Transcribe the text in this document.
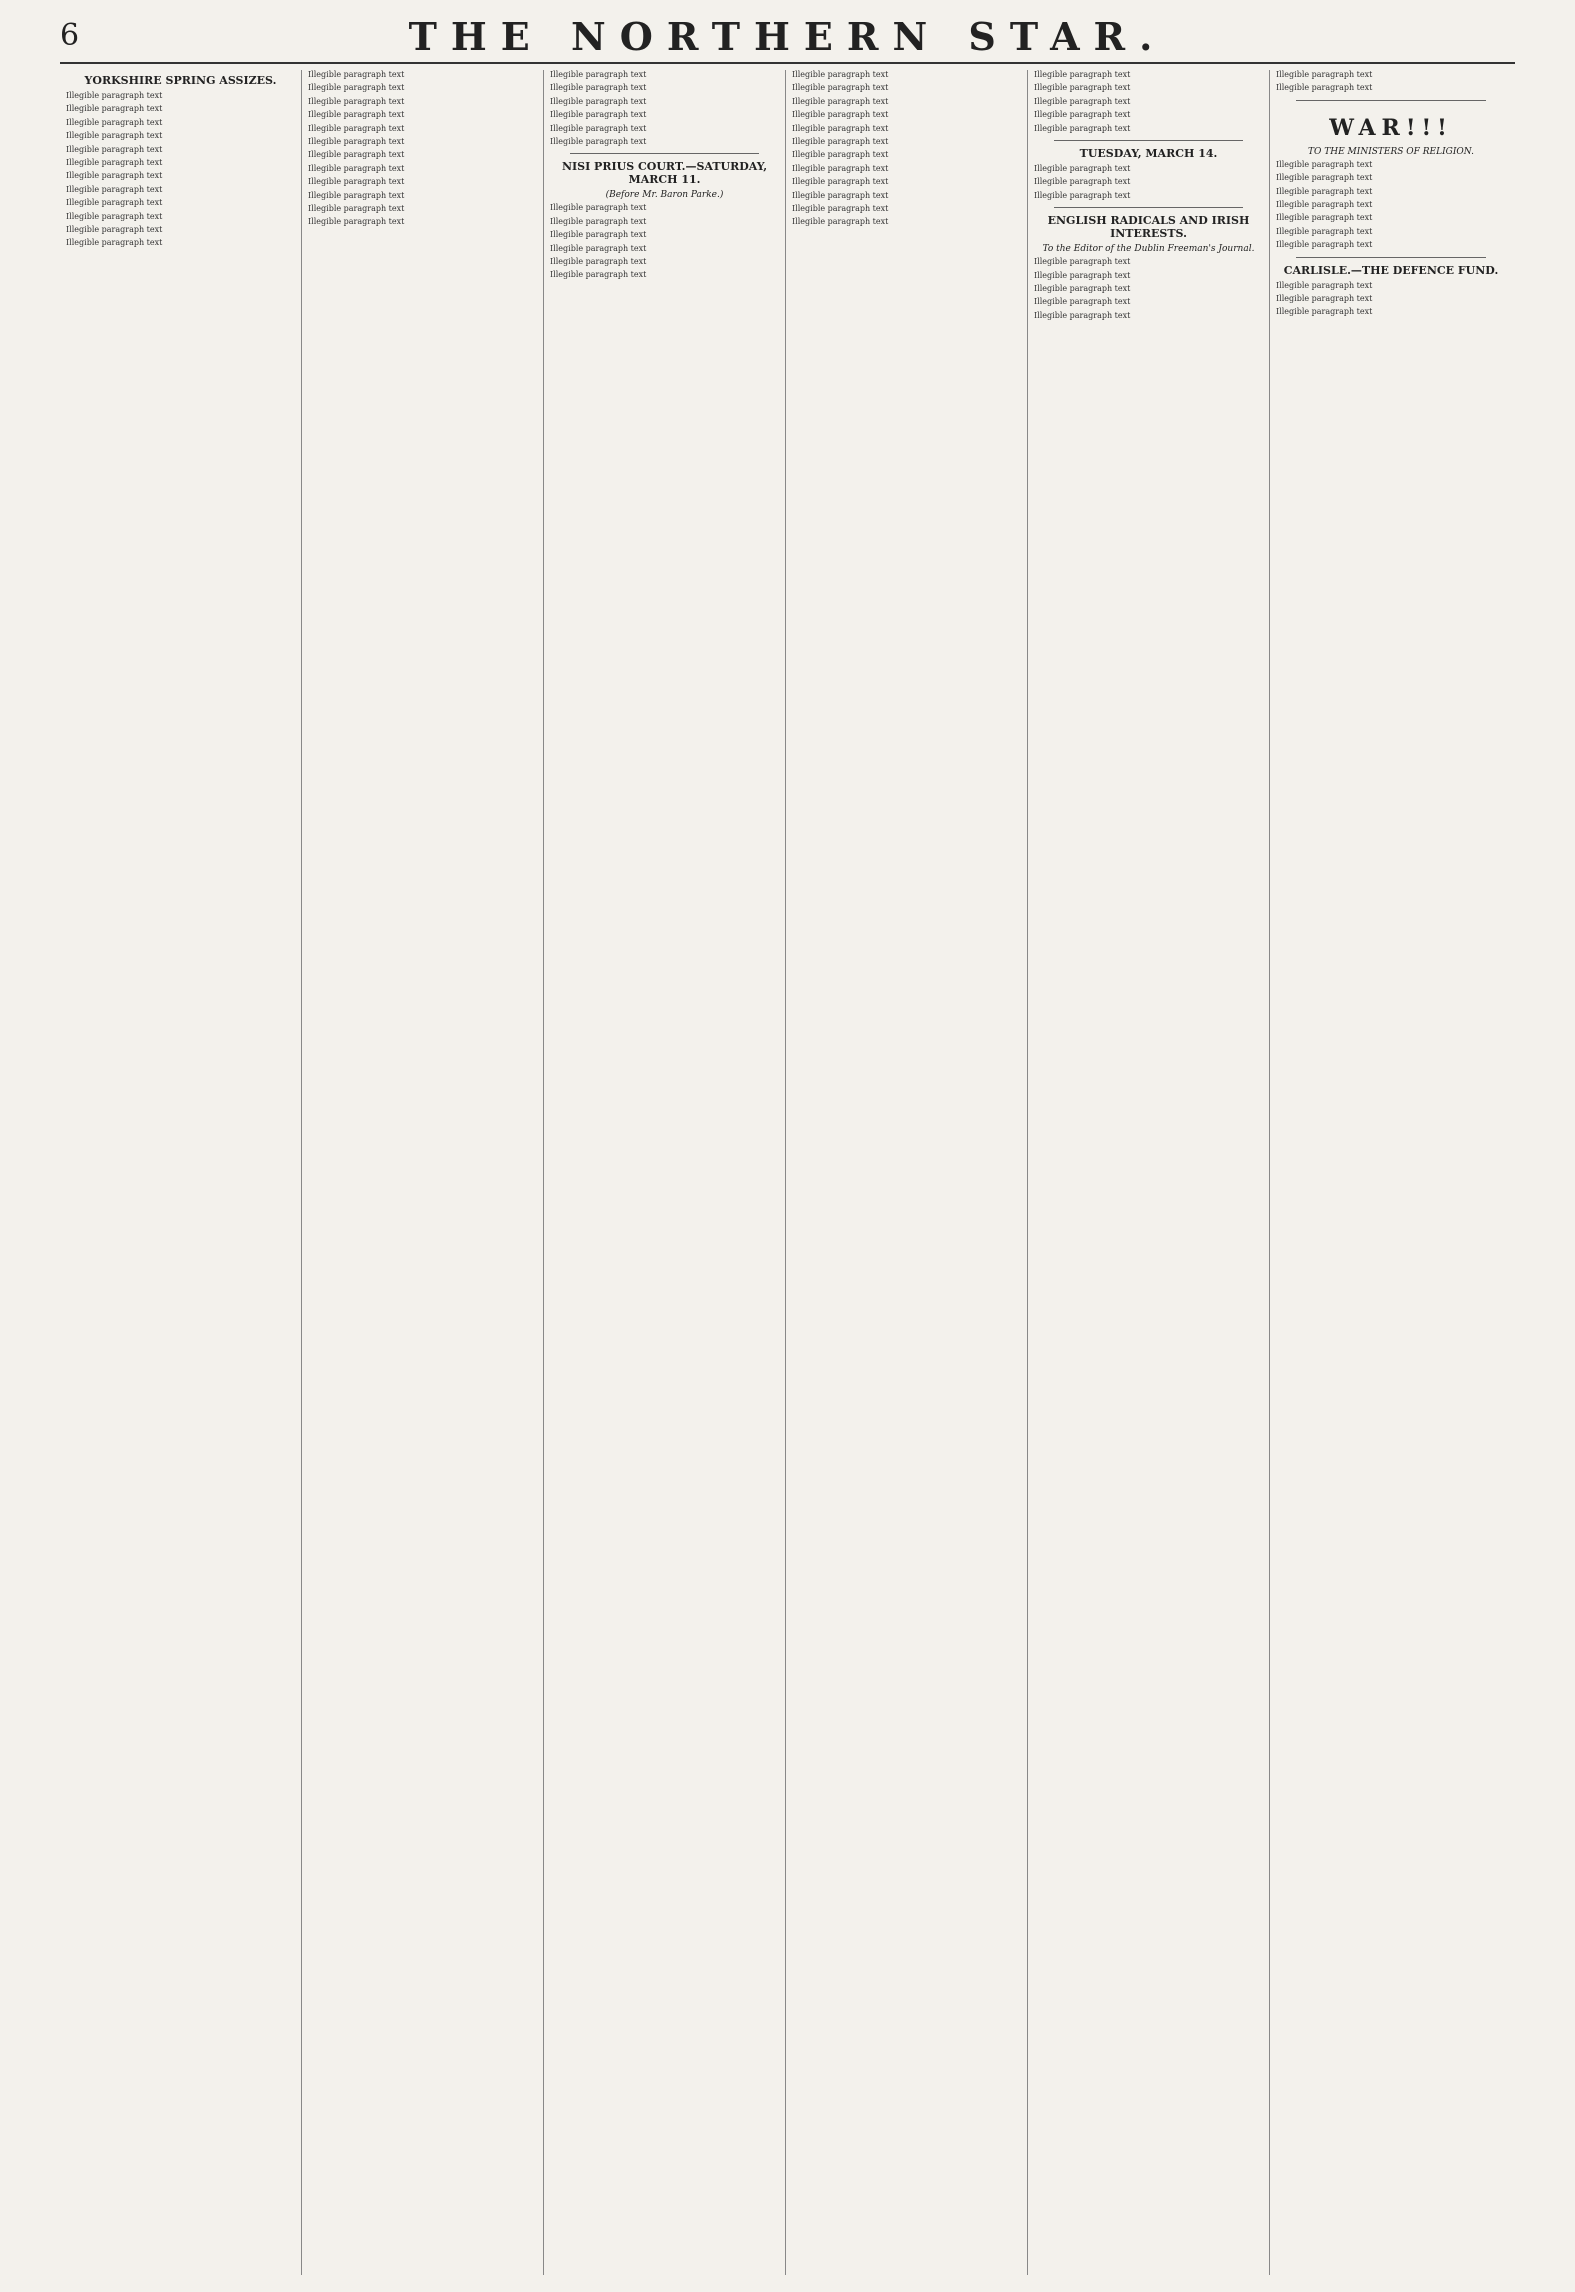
6	THE NORTHERN STAR.
YORKSHIRE SPRING ASSIZES.

Illegible paragraph text

Illegible paragraph text

Illegible paragraph text

Illegible paragraph text

Illegible paragraph text

Illegible paragraph text

Illegible paragraph text

Illegible paragraph text

Illegible paragraph text

Illegible paragraph text

Illegible paragraph text

Illegible paragraph text

Illegible paragraph text

Illegible paragraph text

Illegible paragraph text

Illegible paragraph text

Illegible paragraph text

Illegible paragraph text

Illegible paragraph text

Illegible paragraph text

Illegible paragraph text

Illegible paragraph text

Illegible paragraph text

Illegible paragraph text

Illegible paragraph text

Illegible paragraph text

Illegible paragraph text

Illegible paragraph text

Illegible paragraph text

Illegible paragraph text

NISI PRIUS COURT.—SATURDAY, MARCH 11.
(Before Mr. Baron Parke.)

Illegible paragraph text

Illegible paragraph text

Illegible paragraph text

Illegible paragraph text

Illegible paragraph text

Illegible paragraph text

Illegible paragraph text

Illegible paragraph text

Illegible paragraph text

Illegible paragraph text

Illegible paragraph text

Illegible paragraph text

Illegible paragraph text

Illegible paragraph text

Illegible paragraph text

Illegible paragraph text

Illegible paragraph text

Illegible paragraph text

Illegible paragraph text

Illegible paragraph text

Illegible paragraph text

Illegible paragraph text

Illegible paragraph text

TUESDAY, MARCH 14.

Illegible paragraph text

Illegible paragraph text

Illegible paragraph text

ENGLISH RADICALS AND IRISH INTERESTS.
To the Editor of the Dublin Freeman's Journal.

Illegible paragraph text

Illegible paragraph text

Illegible paragraph text

Illegible paragraph text

Illegible paragraph text

Illegible paragraph text

Illegible paragraph text

WAR!!!
TO THE MINISTERS OF RELIGION.

Illegible paragraph text

Illegible paragraph text

Illegible paragraph text

Illegible paragraph text

Illegible paragraph text

Illegible paragraph text

Illegible paragraph text

CARLISLE.—THE DEFENCE FUND.

Illegible paragraph text

Illegible paragraph text

Illegible paragraph text
